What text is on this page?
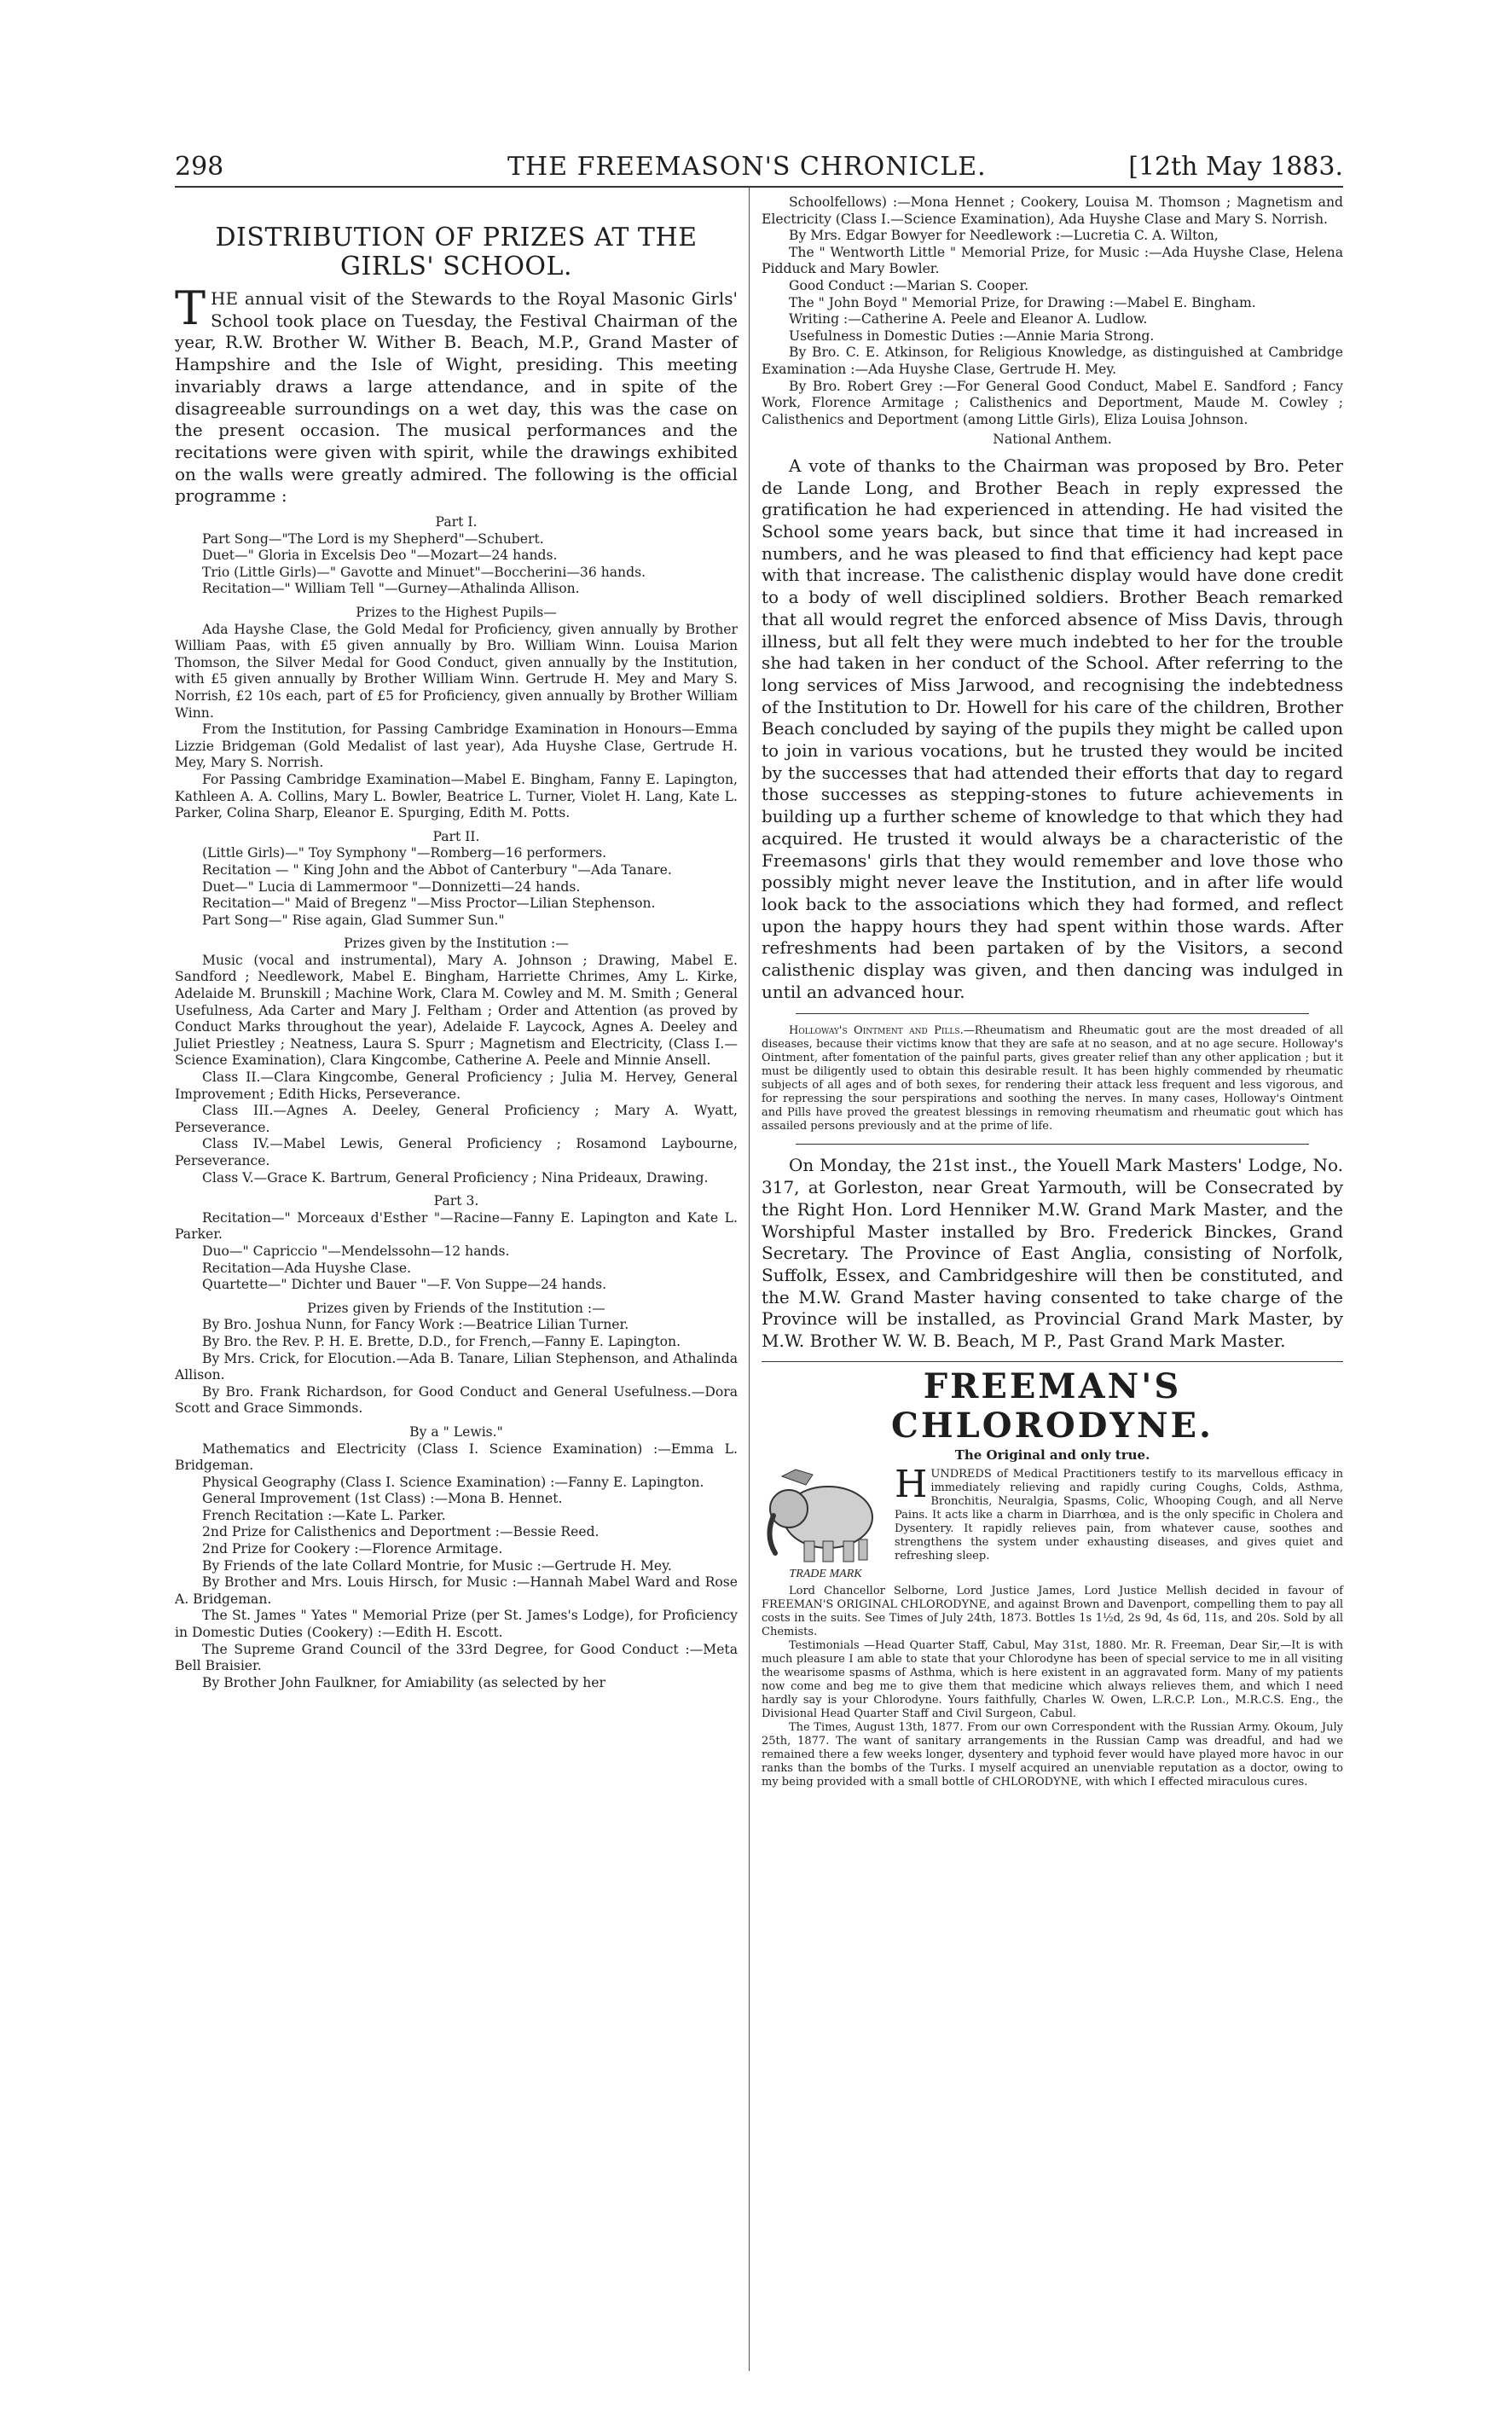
298	THE FREEMASON'S CHRONICLE.	[12th May 1883.

DISTRIBUTION OF PRIZES AT THE GIRLS' SCHOOL.

THE annual visit of the Stewards to the Royal Masonic Girls' School took place on Tuesday, the Festival Chairman of the year, R.W. Brother W. Wither B. Beach, M.P., Grand Master of Hampshire and the Isle of Wight, presiding. This meeting invariably draws a large attendance, and in spite of the disagreeable surroundings on a wet day, this was the case on the present occasion. The musical performances and the recitations were given with spirit, while the drawings exhibited on the walls were greatly admired. The following is the official programme :

Part I.

Part Song—"The Lord is my Shepherd"—Schubert.

Duet—" Gloria in Excelsis Deo "—Mozart—24 hands.

Trio (Little Girls)—" Gavotte and Minuet"—Boccherini—36 hands.

Recitation—" William Tell "—Gurney—Athalinda Allison.

Prizes to the Highest Pupils—

Ada Hayshe Clase, the Gold Medal for Proficiency, given annually by Brother William Paas, with £5 given annually by Bro. William Winn. Louisa Marion Thomson, the Silver Medal for Good Conduct, given annually by the Institution, with £5 given annually by Brother William Winn. Gertrude H. Mey and Mary S. Norrish, £2 10s each, part of £5 for Proficiency, given annually by Brother William Winn.

From the Institution, for Passing Cambridge Examination in Honours—Emma Lizzie Bridgeman (Gold Medalist of last year), Ada Huyshe Clase, Gertrude H. Mey, Mary S. Norrish.

For Passing Cambridge Examination—Mabel E. Bingham, Fanny E. Lapington, Kathleen A. A. Collins, Mary L. Bowler, Beatrice L. Turner, Violet H. Lang, Kate L. Parker, Colina Sharp, Eleanor E. Spurging, Edith M. Potts.

Part II.

(Little Girls)—" Toy Symphony "—Romberg—16 performers.

Recitation — " King John and the Abbot of Canterbury "—Ada Tanare.

Duet—" Lucia di Lammermoor "—Donnizetti—24 hands.

Recitation—" Maid of Bregenz "—Miss Proctor—Lilian Stephenson.

Part Song—" Rise again, Glad Summer Sun."

Prizes given by the Institution :—

Music (vocal and instrumental), Mary A. Johnson ; Drawing, Mabel E. Sandford ; Needlework, Mabel E. Bingham, Harriette Chrimes, Amy L. Kirke, Adelaide M. Brunskill ; Machine Work, Clara M. Cowley and M. M. Smith ; General Usefulness, Ada Carter and Mary J. Feltham ; Order and Attention (as proved by Conduct Marks throughout the year), Adelaide F. Laycock, Agnes A. Deeley and Juliet Priestley ; Neatness, Laura S. Spurr ; Magnetism and Electricity, (Class I.—Science Examination), Clara Kingcombe, Catherine A. Peele and Minnie Ansell.

Class II.—Clara Kingcombe, General Proficiency ; Julia M. Hervey, General Improvement ; Edith Hicks, Perseverance.

Class III.—Agnes A. Deeley, General Proficiency ; Mary A. Wyatt, Perseverance.

Class IV.—Mabel Lewis, General Proficiency ; Rosamond Laybourne, Perseverance.

Class V.—Grace K. Bartrum, General Proficiency ; Nina Prideaux, Drawing.

Part 3.

Recitation—" Morceaux d'Esther "—Racine—Fanny E. Lapington and Kate L. Parker.

Duo—" Capriccio "—Mendelssohn—12 hands.

Recitation—Ada Huyshe Clase.

Quartette—" Dichter und Bauer "—F. Von Suppe—24 hands.

Prizes given by Friends of the Institution :—

By Bro. Joshua Nunn, for Fancy Work :—Beatrice Lilian Turner.

By Bro. the Rev. P. H. E. Brette, D.D., for French,—Fanny E. Lapington.

By Mrs. Crick, for Elocution.—Ada B. Tanare, Lilian Stephenson, and Athalinda Allison.

By Bro. Frank Richardson, for Good Conduct and General Usefulness.—Dora Scott and Grace Simmonds.

By a " Lewis."

Mathematics and Electricity (Class I. Science Examination) :—Emma L. Bridgeman.

Physical Geography (Class I. Science Examination) :—Fanny E. Lapington.

General Improvement (1st Class) :—Mona B. Hennet.

French Recitation :—Kate L. Parker.

2nd Prize for Calisthenics and Deportment :—Bessie Reed.

2nd Prize for Cookery :—Florence Armitage.

By Friends of the late Collard Montrie, for Music :—Gertrude H. Mey.

By Brother and Mrs. Louis Hirsch, for Music :—Hannah Mabel Ward and Rose A. Bridgeman.

The St. James " Yates " Memorial Prize (per St. James's Lodge), for Proficiency in Domestic Duties (Cookery) :—Edith H. Escott.

The Supreme Grand Council of the 33rd Degree, for Good Conduct :—Meta Bell Braisier.

By Brother John Faulkner, for Amiability (as selected by her

Schoolfellows) :—Mona Hennet ; Cookery, Louisa M. Thomson ; Magnetism and Electricity (Class I.—Science Examination), Ada Huyshe Clase and Mary S. Norrish.

By Mrs. Edgar Bowyer for Needlework :—Lucretia C. A. Wilton,

The " Wentworth Little " Memorial Prize, for Music :—Ada Huyshe Clase, Helena Pidduck and Mary Bowler.

Good Conduct :—Marian S. Cooper.

The " John Boyd " Memorial Prize, for Drawing :—Mabel E. Bingham.

Writing :—Catherine A. Peele and Eleanor A. Ludlow.

Usefulness in Domestic Duties :—Annie Maria Strong.

By Bro. C. E. Atkinson, for Religious Knowledge, as distinguished at Cambridge Examination :—Ada Huyshe Clase, Gertrude H. Mey.

By Bro. Robert Grey :—For General Good Conduct, Mabel E. Sandford ; Fancy Work, Florence Armitage ; Calisthenics and Deportment, Maude M. Cowley ; Calisthenics and Deportment (among Little Girls), Eliza Louisa Johnson.

National Anthem.

A vote of thanks to the Chairman was proposed by Bro. Peter de Lande Long, and Brother Beach in reply expressed the gratification he had experienced in attending. He had visited the School some years back, but since that time it had increased in numbers, and he was pleased to find that efficiency had kept pace with that increase. The calisthenic display would have done credit to a body of well disciplined soldiers. Brother Beach remarked that all would regret the enforced absence of Miss Davis, through illness, but all felt they were much indebted to her for the trouble she had taken in her conduct of the School. After referring to the long services of Miss Jarwood, and recognising the indebtedness of the Institution to Dr. Howell for his care of the children, Brother Beach concluded by saying of the pupils they might be called upon to join in various vocations, but he trusted they would be incited by the successes that had attended their efforts that day to regard those successes as stepping-stones to future achievements in building up a further scheme of knowledge to that which they had acquired. He trusted it would always be a characteristic of the Freemasons' girls that they would remember and love those who possibly might never leave the Institution, and in after life would look back to the associations which they had formed, and reflect upon the happy hours they had spent within those wards. After refreshments had been partaken of by the Visitors, a second calisthenic display was given, and then dancing was indulged in until an advanced hour.

Holloway's Ointment and Pills.—Rheumatism and Rheumatic gout are the most dreaded of all diseases, because their victims know that they are safe at no season, and at no age secure. Holloway's Ointment, after fomentation of the painful parts, gives greater relief than any other application ; but it must be diligently used to obtain this desirable result. It has been highly commended by rheumatic subjects of all ages and of both sexes, for rendering their attack less frequent and less vigorous, and for repressing the sour perspirations and soothing the nerves. In many cases, Holloway's Ointment and Pills have proved the greatest blessings in removing rheumatism and rheumatic gout which has assailed persons previously and at the prime of life.

On Monday, the 21st inst., the Youell Mark Masters' Lodge, No. 317, at Gorleston, near Great Yarmouth, will be Consecrated by the Right Hon. Lord Henniker M.W. Grand Mark Master, and the Worshipful Master installed by Bro. Frederick Binckes, Grand Secretary. The Province of East Anglia, consisting of Norfolk, Suffolk, Essex, and Cambridgeshire will then be constituted, and the M.W. Grand Master having consented to take charge of the Province will be installed, as Provincial Grand Mark Master, by M.W. Brother W. W. B. Beach, M P., Past Grand Mark Master.

FREEMAN'S CHLORODYNE.

The Original and only true.

TRADE MARK

HUNDREDS of Medical Practitioners testify to its marvellous efficacy in immediately relieving and rapidly curing Coughs, Colds, Asthma, Bronchitis, Neuralgia, Spasms, Colic, Whooping Cough, and all Nerve Pains. It acts like a charm in Diarrhœa, and is the only specific in Cholera and Dysentery. It rapidly relieves pain, from whatever cause, soothes and strengthens the system under exhausting diseases, and gives quiet and refreshing sleep.

Lord Chancellor Selborne, Lord Justice James, Lord Justice Mellish decided in favour of FREEMAN'S ORIGINAL CHLORODYNE, and against Brown and Davenport, compelling them to pay all costs in the suits. See Times of July 24th, 1873. Bottles 1s 1½d, 2s 9d, 4s 6d, 11s, and 20s. Sold by all Chemists.

Testimonials —Head Quarter Staff, Cabul, May 31st, 1880. Mr. R. Freeman, Dear Sir,—It is with much pleasure I am able to state that your Chlorodyne has been of special service to me in all visiting the wearisome spasms of Asthma, which is here existent in an aggravated form. Many of my patients now come and beg me to give them that medicine which always relieves them, and which I need hardly say is your Chlorodyne. Yours faithfully, Charles W. Owen, L.R.C.P. Lon., M.R.C.S. Eng., the Divisional Head Quarter Staff and Civil Surgeon, Cabul.

The Times, August 13th, 1877. From our own Correspondent with the Russian Army. Okoum, July 25th, 1877. The want of sanitary arrangements in the Russian Camp was dreadful, and had we remained there a few weeks longer, dysentery and typhoid fever would have played more havoc in our ranks than the bombs of the Turks. I myself acquired an unenviable reputation as a doctor, owing to my being provided with a small bottle of CHLORODYNE, with which I effected miraculous cures.
